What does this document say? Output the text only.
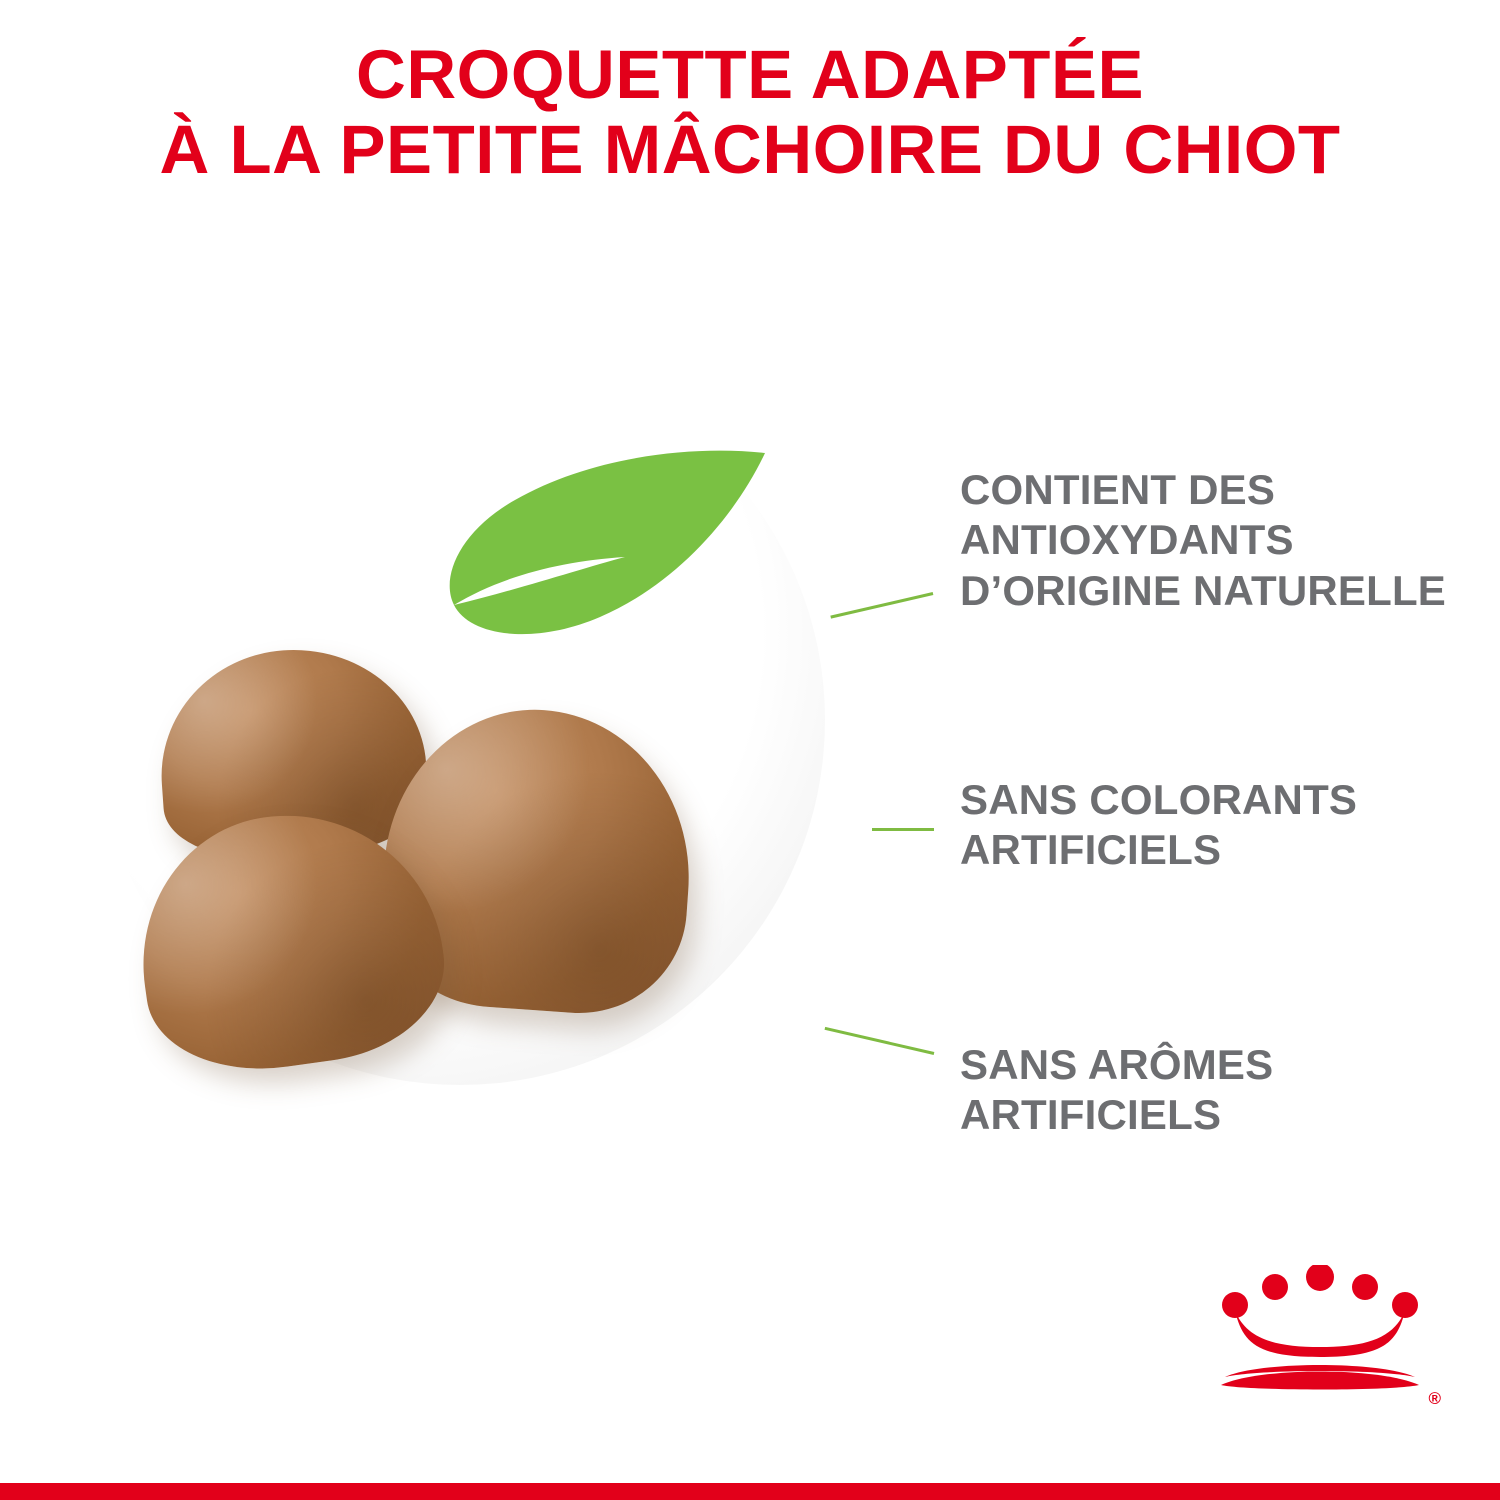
CROQUETTE ADAPTÉE
À LA PETITE MÂCHOIRE DU CHIOT
CONTIENT DES
ANTIOXYDANTS
D’ORIGINE NATURELLE
SANS COLORANTS
ARTIFICIELS
SANS ARÔMES
ARTIFICIELS
®
